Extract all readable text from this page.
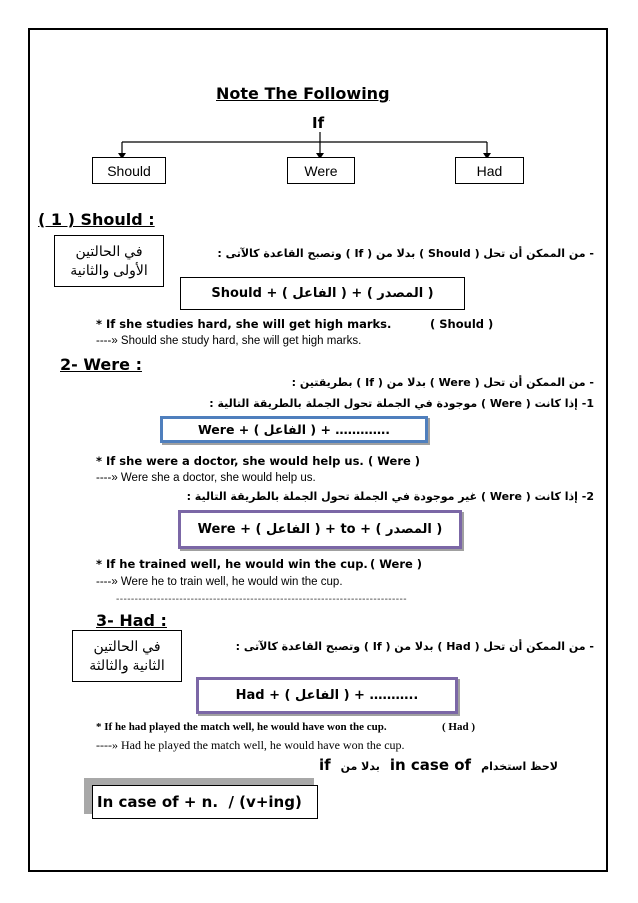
Note The Following
If
Should	Were	Had
( 1 ) Should :
في الحالتين
الأولى والثانية
- من الممكن أن تحل ( Should ) بدلا من ( If ) وتصبح القاعدة كالآتى :
Should + ( الفاعل ) + ( المصدر )
* If she studies hard, she will get high marks.	( Should )
----» Should she study hard, she will get high marks.
2- Were :
- من الممكن أن تحل ( Were ) بدلا من ( If ) بطريقتين :
1- إذا كانت ( Were ) موجودة في الجملة تحول الجملة بالطريقة التالية :
Were + ( الفاعل ) + ………….
* If she were a doctor, she would help us. ( Were )
----» Were she a doctor, she would help us.
2- إذا كانت ( Were ) غير موجودة في الجملة تحول الجملة بالطريقة التالية :
Were + ( الفاعل ) + to + ( المصدر )
* If he trained well, he would win the cup. ( Were )
----» Were he to train well, he would win the cup.
------------------------------------------------------------------------------
3- Had :
في الحالتين
الثانية والثالثة
- من الممكن أن تحل ( Had ) بدلا من ( If ) وتصبح القاعدة كالآتى :
Had + ( الفاعل ) + ………..
* If he had played the match well, he would have won the cup.	( Had )
----» Had he played the match well, he would have won the cup.
if بدلا من in case of لاحظ استخدام
In case of + n.  / (v+ing)
